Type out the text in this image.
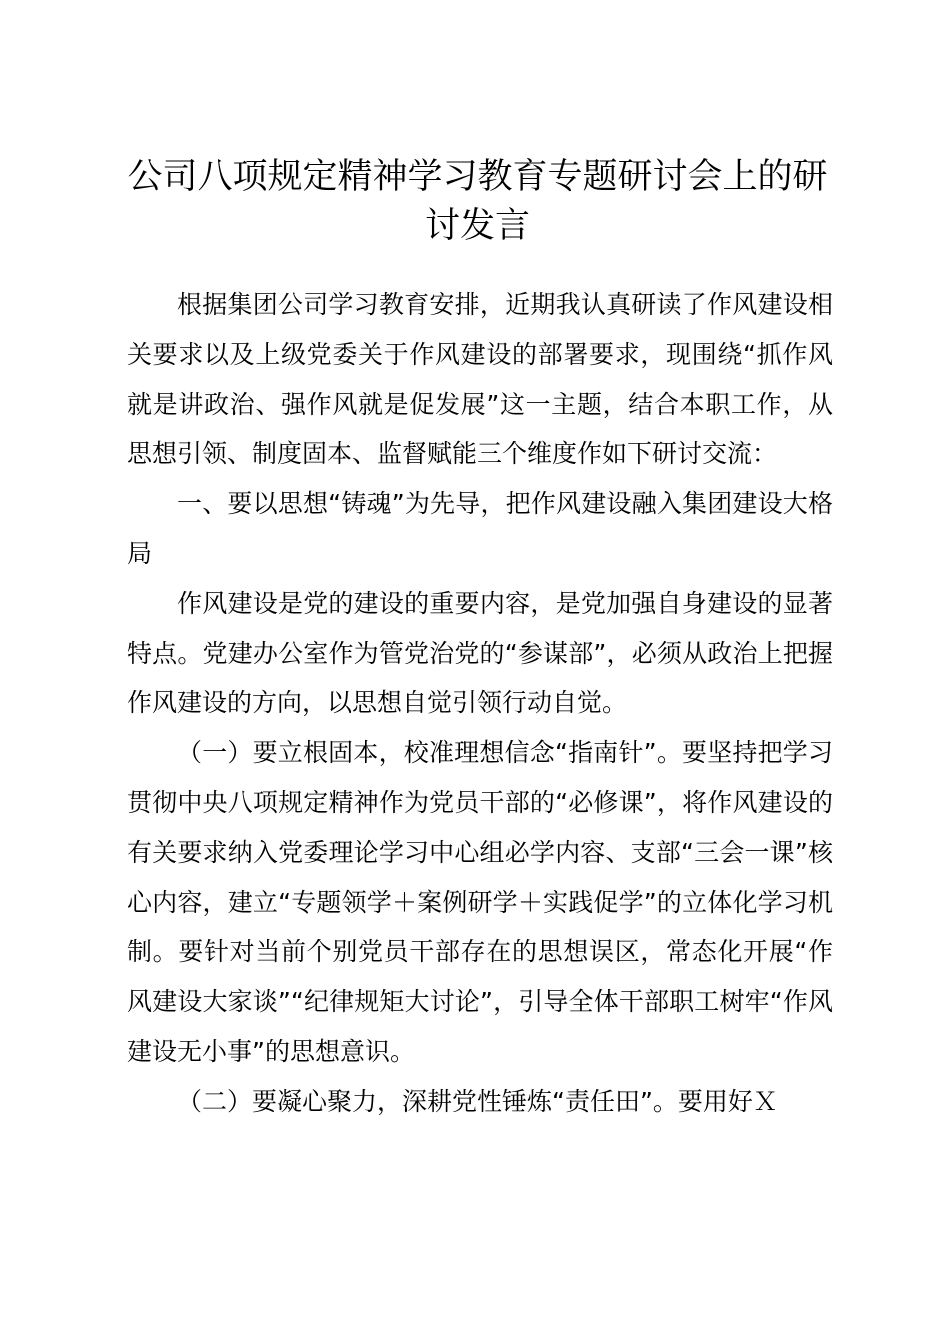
公司八项规定精神学习教育专题研讨会上的研讨发言

根据集团公司学习教育安排，近期我认真研读了作风建设相关要求以及上级党委关于作风建设的部署要求，现围绕“抓作风就是讲政治、强作风就是促发展”这一主题，结合本职工作，从思想引领、制度固本、监督赋能三个维度作如下研讨交流：

一、要以思想“铸魂”为先导，把作风建设融入集团建设大格局

作风建设是党的建设的重要内容，是党加强自身建设的显著特点。党建办公室作为管党治党的“参谋部”，必须从政治上把握作风建设的方向，以思想自觉引领行动自觉。

（一）要立根固本，校准理想信念“指南针”。要坚持把学习贯彻中央八项规定精神作为党员干部的“必修课”，将作风建设的有关要求纳入党委理论学习中心组必学内容、支部“三会一课”核心内容，建立“专题领学＋案例研学＋实践促学”的立体化学习机制。要针对当前个别党员干部存在的思想误区，常态化开展“作风建设大家谈”“纪律规矩大讨论”，引导全体干部职工树牢“作风建设无小事”的思想意识。

（二）要凝心聚力，深耕党性锤炼“责任田”。要用好Ｘ
